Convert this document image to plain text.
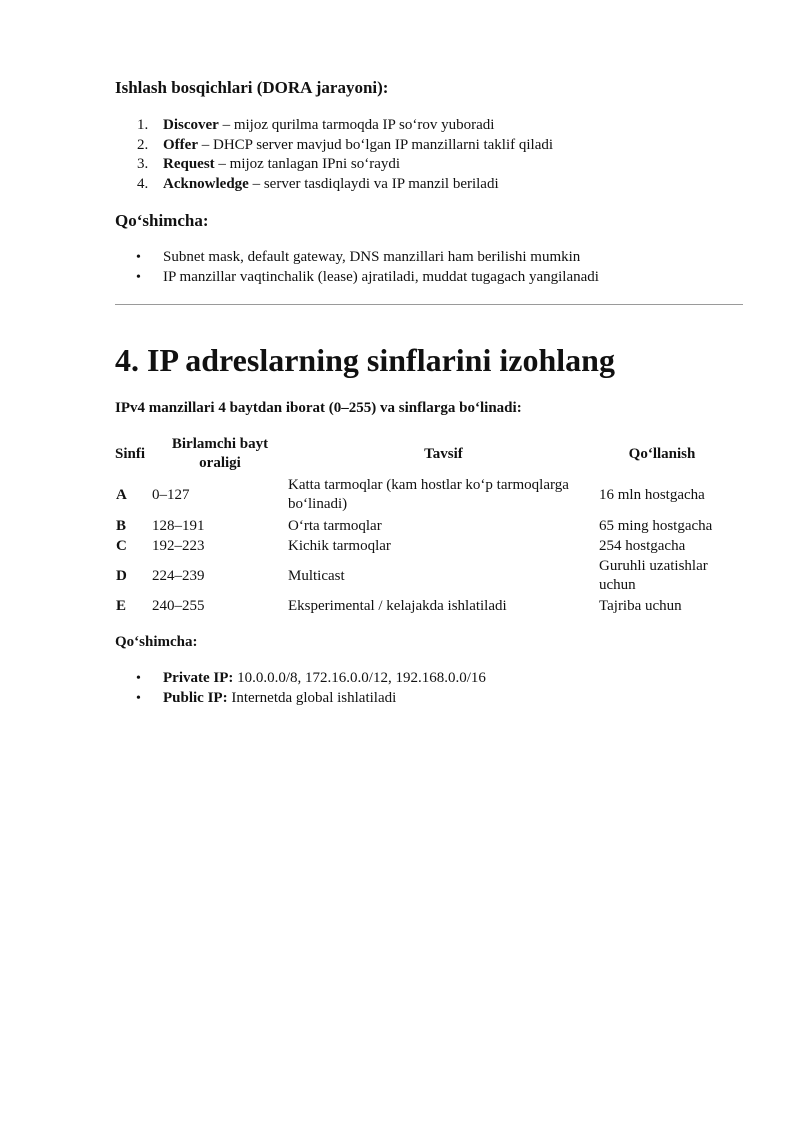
Ishlash bosqichlari (DORA jarayoni):
1. Discover – mijoz qurilma tarmoqda IP so‘rov yuboradi
2. Offer – DHCP server mavjud bo‘lgan IP manzillarni taklif qiladi
3. Request – mijoz tanlagan IPni so‘raydi
4. Acknowledge – server tasdiqlaydi va IP manzil beriladi
Qo‘shimcha:
• Subnet mask, default gateway, DNS manzillari ham berilishi mumkin
• IP manzillar vaqtinchalik (lease) ajratiladi, muddat tugagach yangilanadi
4. IP adreslarning sinflarini izohlang
IPv4 manzillari 4 baytdan iborat (0–255) va sinflarga bo‘linadi:
Sinfi	Birlamchi bayt oraligi	Tavsif	Qo‘llanish
A	0–127	Katta tarmoqlar (kam hostlar ko‘p tarmoqlarga bo‘linadi)	16 mln hostgacha
B	128–191	O‘rta tarmoqlar	65 ming hostgacha
C	192–223	Kichik tarmoqlar	254 hostgacha
D	224–239	Multicast	Guruhli uzatishlar uchun
E	240–255	Eksperimental / kelajakda ishlatiladi	Tajriba uchun
Qo‘shimcha:
• Private IP: 10.0.0.0/8, 172.16.0.0/12, 192.168.0.0/16
• Public IP: Internetda global ishlatiladi
